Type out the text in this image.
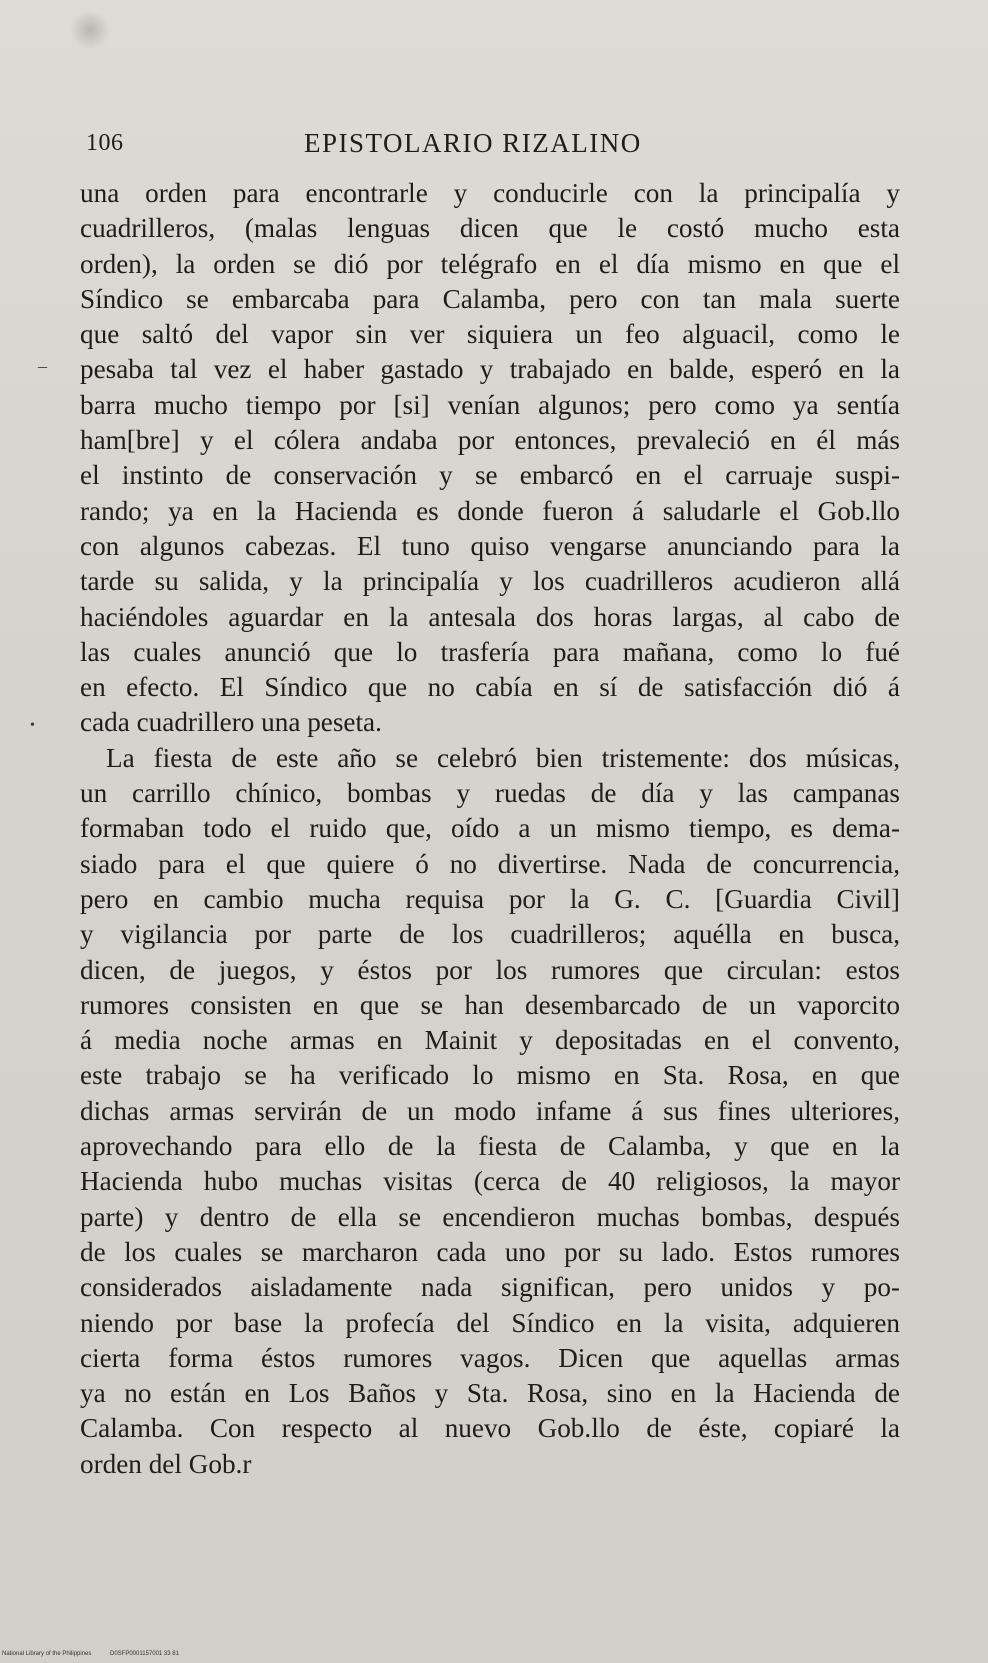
106	EPISTOLARIO RIZALINO
–
•
una orden para encontrarle y conducirle con la principalía y
cuadrilleros, (malas lenguas dicen que le costó mucho esta
orden), la orden se dió por telégrafo en el día mismo en que el
Síndico se embarcaba para Calamba, pero con tan mala suerte
que saltó del vapor sin ver siquiera un feo alguacil, como le
pesaba tal vez el haber gastado y trabajado en balde, esperó en la
barra mucho tiempo por [si] venían algunos; pero como ya sentía
ham[bre] y el cólera andaba por entonces, prevaleció en él más
el instinto de conservación y se embarcó en el carruaje suspi-
rando; ya en la Hacienda es donde fueron á saludarle el Gob.llo
con algunos cabezas. El tuno quiso vengarse anunciando para la
tarde su salida, y la principalía y los cuadrilleros acudieron allá
haciéndoles aguardar en la antesala dos horas largas, al cabo de
las cuales anunció que lo trasfería para mañana, como lo fué
en efecto. El Síndico que no cabía en sí de satisfacción dió á
cada cuadrillero una peseta.
La fiesta de este año se celebró bien tristemente: dos músicas,
un carrillo chínico, bombas y ruedas de día y las campanas
formaban todo el ruido que, oído a un mismo tiempo, es dema-
siado para el que quiere ó no divertirse. Nada de concurrencia,
pero en cambio mucha requisa por la G. C. [Guardia Civil]
y vigilancia por parte de los cuadrilleros; aquélla en busca,
dicen, de juegos, y éstos por los rumores que circulan: estos
rumores consisten en que se han desembarcado de un vaporcito
á media noche armas en Mainit y depositadas en el convento,
este trabajo se ha verificado lo mismo en Sta. Rosa, en que
dichas armas servirán de un modo infame á sus fines ulteriores,
aprovechando para ello de la fiesta de Calamba, y que en la
Hacienda hubo muchas visitas (cerca de 40 religiosos, la mayor
parte) y dentro de ella se encendieron muchas bombas, después
de los cuales se marcharon cada uno por su lado. Estos rumores
considerados aisladamente nada significan, pero unidos y po-
niendo por base la profecía del Síndico en la visita, adquieren
cierta forma éstos rumores vagos. Dicen que aquellas armas
ya no están en Los Baños y Sta. Rosa, sino en la Hacienda de
Calamba. Con respecto al nuevo Gob.llo de éste, copiaré la
orden del Gob.r
National Library of the Philippines	D0SFP0001157001 33 81
